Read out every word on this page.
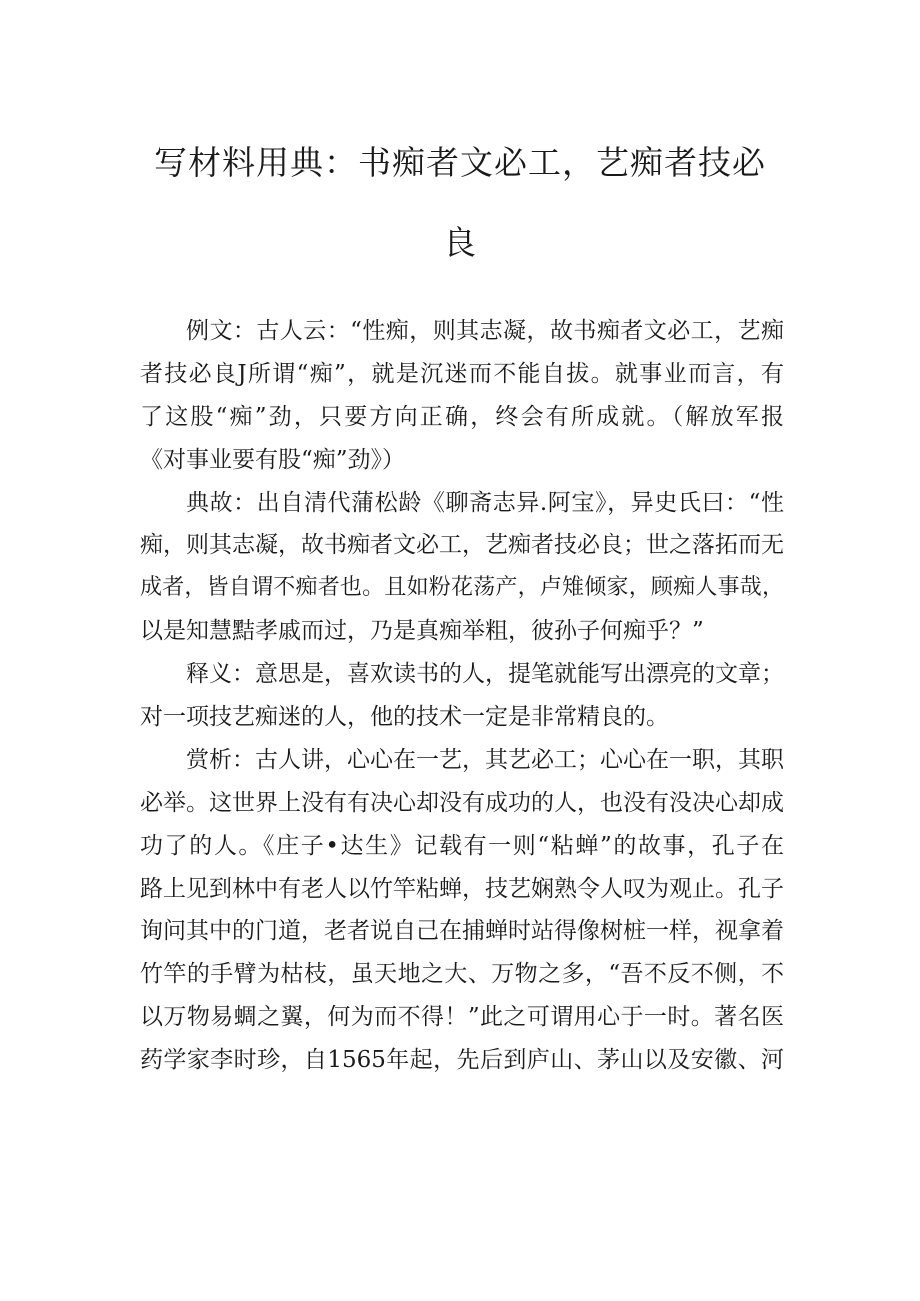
写材料用典：书痴者文必工，艺痴者技必
良
例文：古人云：“性痴，则其志凝，故书痴者文必工，艺痴
者技必良J所谓“痴”，就是沉迷而不能自拔。就事业而言，有
了这股“痴”劲，只要方向正确，终会有所成就。（解放军报
《对事业要有股“痴”劲》）
典故：出自清代蒲松龄《聊斋志异.阿宝》，异史氏曰：“性
痴，则其志凝，故书痴者文必工，艺痴者技必良；世之落拓而无
成者，皆自谓不痴者也。且如粉花荡产，卢雉倾家，顾痴人事哉，
以是知慧黠孝戚而过，乃是真痴举粗，彼孙子何痴乎？”
释义：意思是，喜欢读书的人，提笔就能写出漂亮的文章；
对一项技艺痴迷的人，他的技术一定是非常精良的。
赏析：古人讲，心心在一艺，其艺必工；心心在一职，其职
必举。这世界上没有有决心却没有成功的人，也没有没决心却成
功了的人。《庄子•达生》记载有一则“粘蝉”的故事，孔子在
路上见到林中有老人以竹竿粘蝉，技艺娴熟令人叹为观止。孔子
询问其中的门道，老者说自己在捕蝉时站得像树桩一样，视拿着
竹竿的手臂为枯枝，虽天地之大、万物之多，“吾不反不侧，不
以万物易蜩之翼，何为而不得！”此之可谓用心于一时。著名医
药学家李时珍，自1565年起，先后到庐山、茅山以及安徽、河
